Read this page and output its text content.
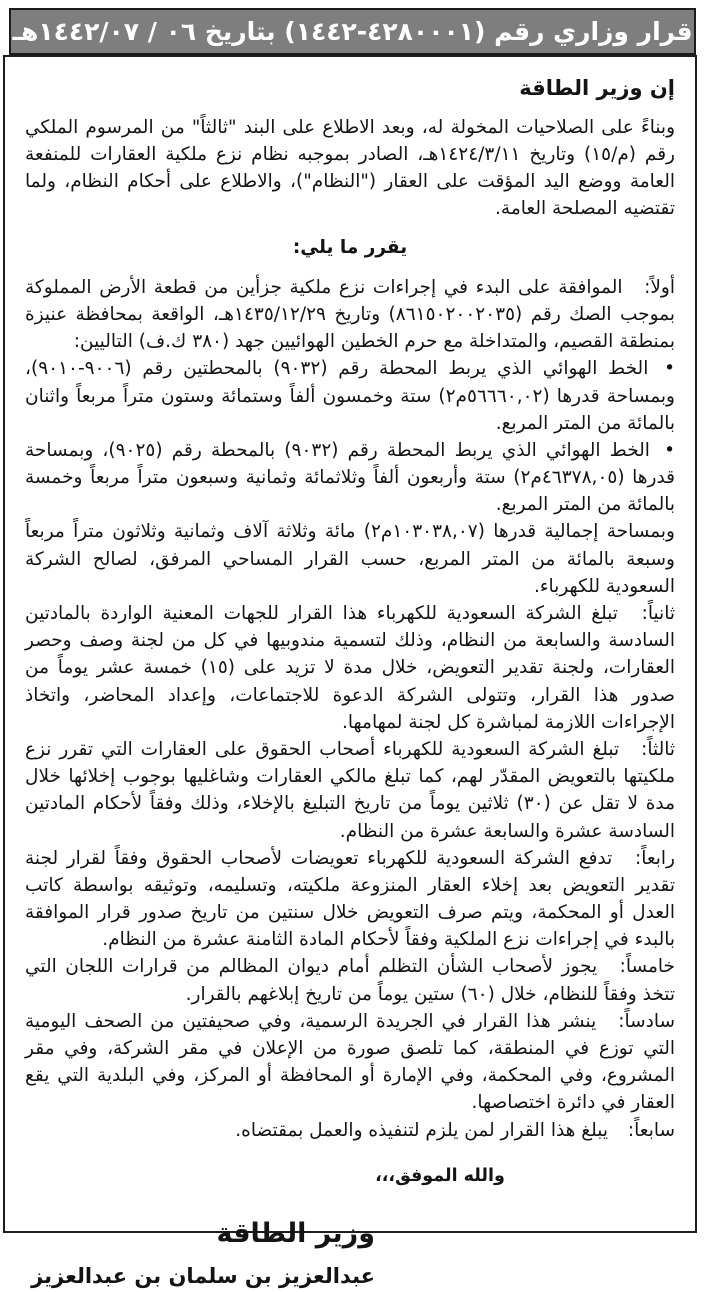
قرار وزاري رقم (٤٢٨٠٠٠١-١٤٤٢) بتاريخ ٠٦ / ١٤٤٢/٠٧هـ
إن وزير الطاقة

وبناءً على الصلاحيات المخولة له، وبعد الاطلاع على البند "ثالثاً" من المرسوم الملكي رقم (م/١٥) وتاريخ ١٤٢٤/٣/١١هـ، الصادر بموجبه نظام نزع ملكية العقارات للمنفعة العامة ووضع اليد المؤقت على العقار ("النظام")، والاطلاع على أحكام النظام، ولما تقتضيه المصلحة العامة.

يقرر ما يلي:

أولاً: الموافقة على البدء في إجراءات نزع ملكية جزأين من قطعة الأرض المملوكة بموجب الصك رقم (٨٦١٥٠٢٠٠٢٠٣٥) وتاريخ ١٤٣٥/١٢/٢٩هـ، الواقعة بمحافظة عنيزة بمنطقة القصيم، والمتداخلة مع حرم الخطين الهوائيين جهد (٣٨٠ ك.ف) التاليين:

• الخط الهوائي الذي يربط المحطة رقم (٩٠٣٢) بالمحطتين رقم (٩٠٠٦-٩٠١٠)، وبمساحة قدرها (٥٦٦٦٠,٠٢م٢) ستة وخمسون ألفاً وستمائة وستون متراً مربعاً واثنان بالمائة من المتر المربع.

• الخط الهوائي الذي يربط المحطة رقم (٩٠٣٢) بالمحطة رقم (٩٠٢٥)، وبمساحة قدرها (٤٦٣٧٨,٠٥م٢) ستة وأربعون ألفاً وثلاثمائة وثمانية وسبعون متراً مربعاً وخمسة بالمائة من المتر المربع.

وبمساحة إجمالية قدرها (١٠٣٠٣٨,٠٧م٢) مائة وثلاثة آلاف وثمانية وثلاثون متراً مربعاً وسبعة بالمائة من المتر المربع، حسب القرار المساحي المرفق، لصالح الشركة السعودية للكهرباء.

ثانياً: تبلغ الشركة السعودية للكهرباء هذا القرار للجهات المعنية الواردة بالمادتين السادسة والسابعة من النظام، وذلك لتسمية مندوبيها في كل من لجنة وصف وحصر العقارات، ولجنة تقدير التعويض، خلال مدة لا تزيد على (١٥) خمسة عشر يوماً من صدور هذا القرار، وتتولى الشركة الدعوة للاجتماعات، وإعداد المحاضر، واتخاذ الإجراءات اللازمة لمباشرة كل لجنة لمهامها.

ثالثاً: تبلغ الشركة السعودية للكهرباء أصحاب الحقوق على العقارات التي تقرر نزع ملكيتها بالتعويض المقدّر لهم، كما تبلغ مالكي العقارات وشاغليها بوجوب إخلائها خلال مدة لا تقل عن (٣٠) ثلاثين يوماً من تاريخ التبليغ بالإخلاء، وذلك وفقاً لأحكام المادتين السادسة عشرة والسابعة عشرة من النظام.

رابعاً: تدفع الشركة السعودية للكهرباء تعويضات لأصحاب الحقوق وفقاً لقرار لجنة تقدير التعويض بعد إخلاء العقار المنزوعة ملكيته، وتسليمه، وتوثيقه بواسطة كاتب العدل أو المحكمة، ويتم صرف التعويض خلال سنتين من تاريخ صدور قرار الموافقة بالبدء في إجراءات نزع الملكية وفقاً لأحكام المادة الثامنة عشرة من النظام.

خامساً: يجوز لأصحاب الشأن التظلم أمام ديوان المظالم من قرارات اللجان التي تتخذ وفقاً للنظام، خلال (٦٠) ستين يوماً من تاريخ إبلاغهم بالقرار.

سادساً: ينشر هذا القرار في الجريدة الرسمية، وفي صحيفتين من الصحف اليومية التي توزع في المنطقة، كما تلصق صورة من الإعلان في مقر الشركة، وفي مقر المشروع، وفي المحكمة، وفي الإمارة أو المحافظة أو المركز، وفي البلدية التي يقع العقار في دائرة اختصاصها.

سابعاً: يبلغ هذا القرار لمن يلزم لتنفيذه والعمل بمقتضاه.

والله الموفق،،،

وزير الطاقة
عبدالعزيز بن سلمان بن عبدالعزيز
